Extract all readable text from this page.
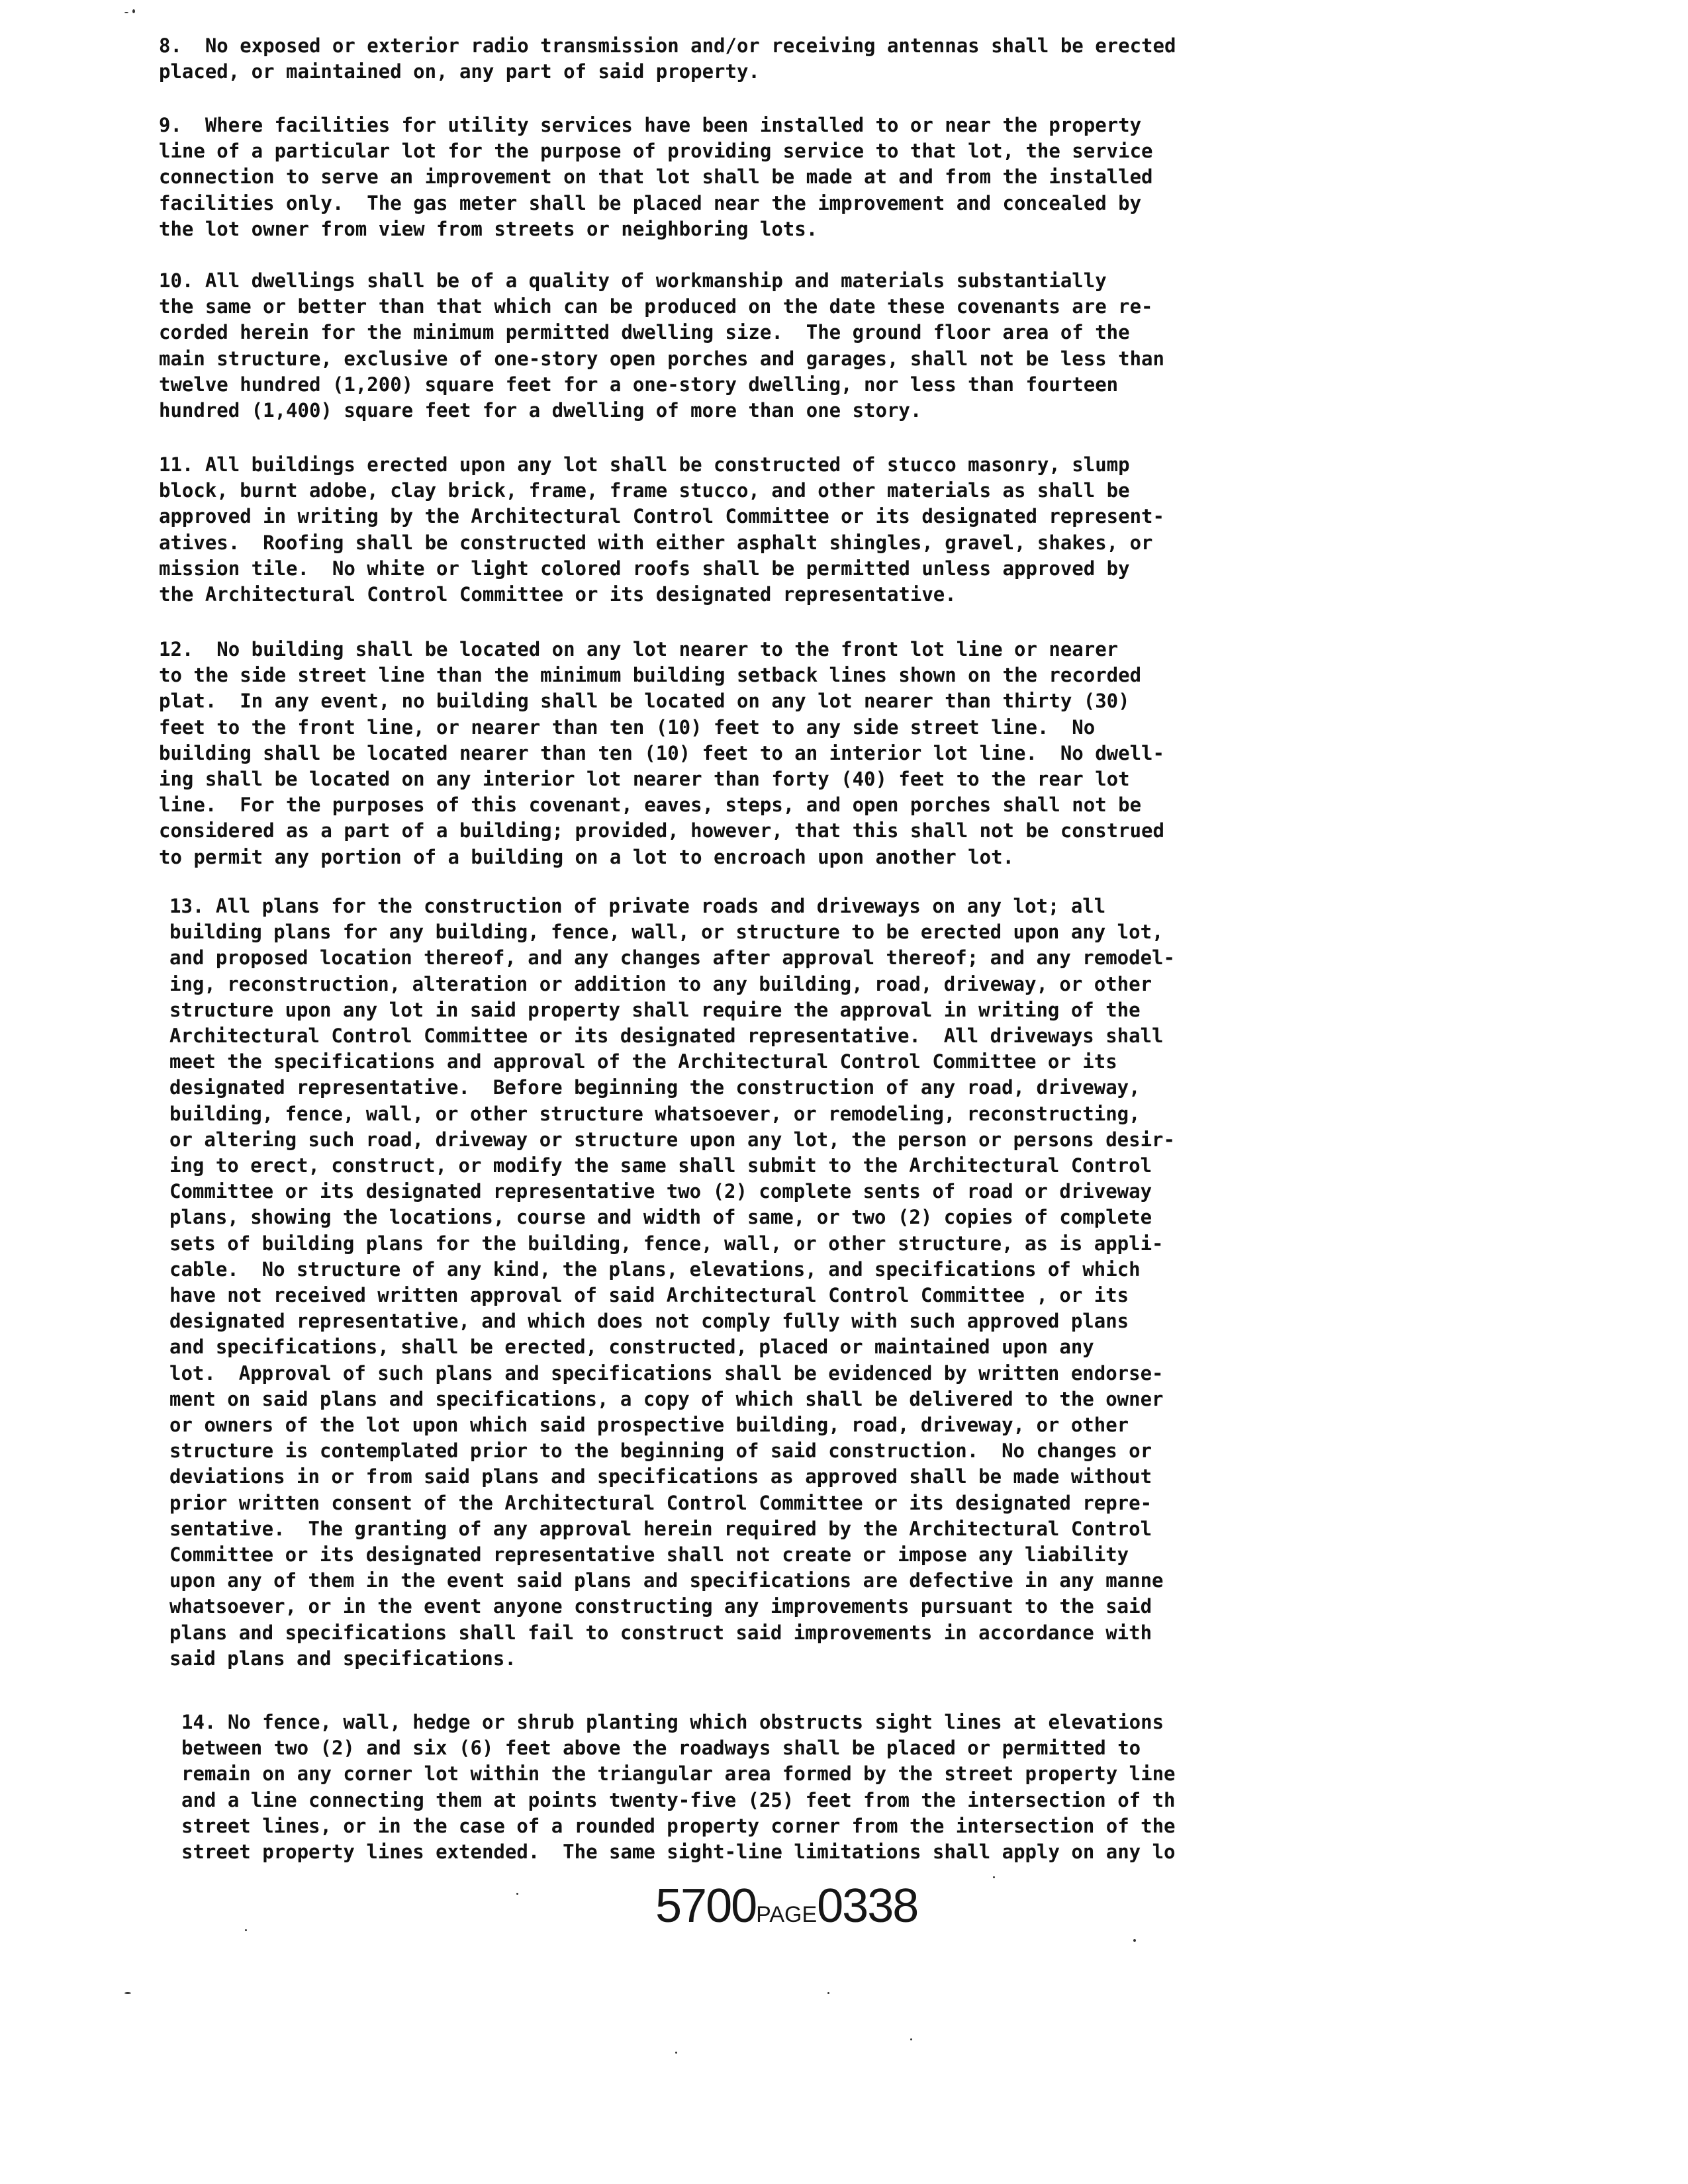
8.  No exposed or exterior radio transmission and/or receiving antennas shall be erected
placed, or maintained on, any part of said property.

9.  Where facilities for utility services have been installed to or near the property
line of a particular lot for the purpose of providing service to that lot, the service
connection to serve an improvement on that lot shall be made at and from the installed
facilities only.  The gas meter shall be placed near the improvement and concealed by
the lot owner from view from streets or neighboring lots.

10. All dwellings shall be of a quality of workmanship and materials substantially
the same or better than that which can be produced on the date these covenants are re-
corded herein for the minimum permitted dwelling size.  The ground floor area of the
main structure, exclusive of one-story open porches and garages, shall not be less than
twelve hundred (1,200) square feet for a one-story dwelling, nor less than fourteen
hundred (1,400) square feet for a dwelling of more than one story.

11. All buildings erected upon any lot shall be constructed of stucco masonry, slump
block, burnt adobe, clay brick, frame, frame stucco, and other materials as shall be
approved in writing by the Architectural Control Committee or its designated represent-
atives.  Roofing shall be constructed with either asphalt shingles, gravel, shakes, or
mission tile.  No white or light colored roofs shall be permitted unless approved by
the Architectural Control Committee or its designated representative.

12.  No building shall be located on any lot nearer to the front lot line or nearer
to the side street line than the minimum building setback lines shown on the recorded
plat.  In any event, no building shall be located on any lot nearer than thirty (30)
feet to the front line, or nearer than ten (10) feet to any side street line.  No
building shall be located nearer than ten (10) feet to an interior lot line.  No dwell-
ing shall be located on any interior lot nearer than forty (40) feet to the rear lot
line.  For the purposes of this covenant, eaves, steps, and open porches shall not be
considered as a part of a building; provided, however, that this shall not be construed
to permit any portion of a building on a lot to encroach upon another lot.

13. All plans for the construction of private roads and driveways on any lot; all
building plans for any building, fence, wall, or structure to be erected upon any lot,
and proposed location thereof, and any changes after approval thereof; and any remodel-
ing, reconstruction, alteration or addition to any building, road, driveway, or other
structure upon any lot in said property shall require the approval in writing of the
Architectural Control Committee or its designated representative.  All driveways shall
meet the specifications and approval of the Architectural Control Committee or its
designated representative.  Before beginning the construction of any road, driveway,
building, fence, wall, or other structure whatsoever, or remodeling, reconstructing,
or altering such road, driveway or structure upon any lot, the person or persons desir-
ing to erect, construct, or modify the same shall submit to the Architectural Control
Committee or its designated representative two (2) complete sents of road or driveway
plans, showing the locations, course and width of same, or two (2) copies of complete
sets of building plans for the building, fence, wall, or other structure, as is appli-
cable.  No structure of any kind, the plans, elevations, and specifications of which
have not received written approval of said Architectural Control Committee , or its
designated representative, and which does not comply fully with such approved plans
and specifications, shall be erected, constructed, placed or maintained upon any
lot.  Approval of such plans and specifications shall be evidenced by written endorse-
ment on said plans and specifications, a copy of which shall be delivered to the owner
or owners of the lot upon which said prospective building, road, driveway, or other
structure is contemplated prior to the beginning of said construction.  No changes or
deviations in or from said plans and specifications as approved shall be made without
prior written consent of the Architectural Control Committee or its designated repre-
sentative.  The granting of any approval herein required by the Architectural Control
Committee or its designated representative shall not create or impose any liability
upon any of them in the event said plans and specifications are defective in any manne
whatsoever, or in the event anyone constructing any improvements pursuant to the said
plans and specifications shall fail to construct said improvements in accordance with
said plans and specifications.

14. No fence, wall, hedge or shrub planting which obstructs sight lines at elevations
between two (2) and six (6) feet above the roadways shall be placed or permitted to
remain on any corner lot within the triangular area formed by the street property line
and a line connecting them at points twenty-five (25) feet from the intersection of th
street lines, or in the case of a rounded property corner from the intersection of the
street property lines extended.  The same sight-line limitations shall apply on any lo

5700PAGE0338
